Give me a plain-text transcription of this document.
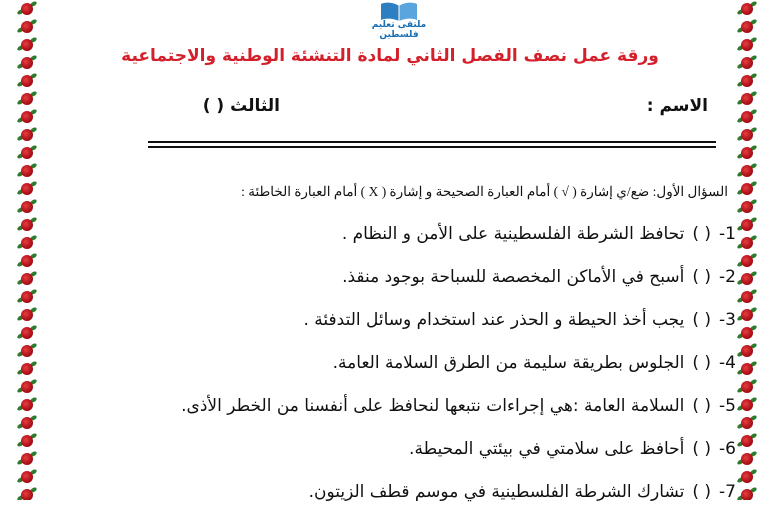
ملتقى تعليم فلسطين
ورقة عمل نصف الفصل الثاني لمادة التنشئة الوطنية والاجتماعية
الاسم :
الثالث ( )
السؤال الأول: ضع/ي إشارة ( √ ) أمام العبارة الصحيحة و إشارة ( X ) أمام العبارة الخاطئة :
1-( )تحافظ الشرطة الفلسطينية على الأمن و النظام .
2-( )أسبح في الأماكن المخصصة للسباحة بوجود منقذ.
3-( )يجب أخذ الحيطة و الحذر عند استخدام وسائل التدفئة .
4-( )الجلوس بطريقة سليمة من الطرق السلامة العامة.
5-( )السلامة العامة :هي إجراءات نتبعها لنحافظ على أنفسنا من الخطر الأذى.
6-( )أحافظ على سلامتي في بيئتي المحيطة.
7-( )تشارك الشرطة الفلسطينية في موسم قطف الزيتون.
